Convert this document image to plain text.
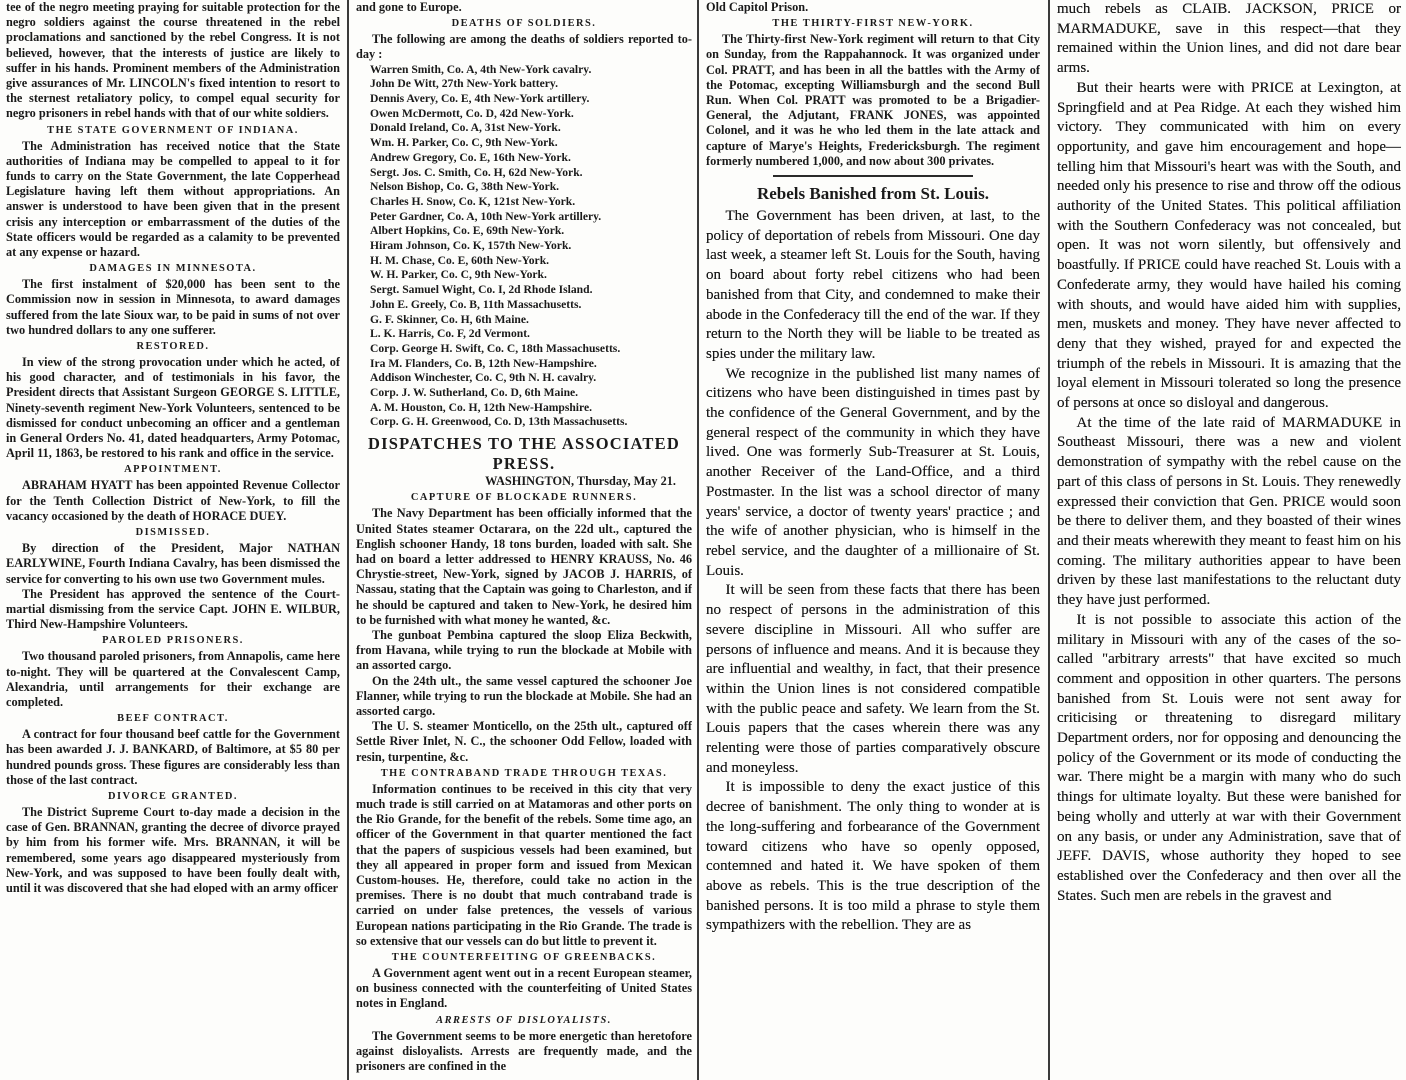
tee of the negro meeting praying for suitable protection for the negro soldiers against the course threatened in the rebel proclamations and sanctioned by the rebel Congress. It is not believed, however, that the interests of justice are likely to suffer in his hands. Prominent members of the Administration give assurances of Mr. LINCOLN's fixed intention to resort to the sternest retaliatory policy, to compel equal security for negro prisoners in rebel hands with that of our white soldiers.

THE STATE GOVERNMENT OF INDIANA.

The Administration has received notice that the State authorities of Indiana may be compelled to appeal to it for funds to carry on the State Government, the late Copperhead Legislature having left them without appropriations. An answer is understood to have been given that in the present crisis any interception or embarrassment of the duties of the State officers would be regarded as a calamity to be prevented at any expense or hazard.

DAMAGES IN MINNESOTA.

The first instalment of $20,000 has been sent to the Commission now in session in Minnesota, to award damages suffered from the late Sioux war, to be paid in sums of not over two hundred dollars to any one sufferer.

RESTORED.

In view of the strong provocation under which he acted, of his good character, and of testimonials in his favor, the President directs that Assistant Surgeon GEORGE S. LITTLE, Ninety-seventh regiment New-York Volunteers, sentenced to be dismissed for conduct unbecoming an officer and a gentleman in General Orders No. 41, dated headquarters, Army Potomac, April 11, 1863, be restored to his rank and office in the service.

APPOINTMENT.

ABRAHAM HYATT has been appointed Revenue Collector for the Tenth Collection District of New-York, to fill the vacancy occasioned by the death of HORACE DUEY.

DISMISSED.

By direction of the President, Major NATHAN EARLYWINE, Fourth Indiana Cavalry, has been dismissed the service for converting to his own use two Government mules.

The President has approved the sentence of the Court-martial dismissing from the service Capt. JOHN E. WILBUR, Third New-Hampshire Volunteers.

PAROLED PRISONERS.

Two thousand paroled prisoners, from Annapolis, came here to-night. They will be quartered at the Convalescent Camp, Alexandria, until arrangements for their exchange are completed.

BEEF CONTRACT.

A contract for four thousand beef cattle for the Government has been awarded J. J. BANKARD, of Baltimore, at $5 80 per hundred pounds gross. These figures are considerably less than those of the last contract.

DIVORCE GRANTED.

The District Supreme Court to-day made a decision in the case of Gen. BRANNAN, granting the decree of divorce prayed by him from his former wife. Mrs. BRANNAN, it will be remembered, some years ago disappeared mysteriously from New-York, and was supposed to have been foully dealt with, until it was discovered that she had eloped with an army officer

and gone to Europe.

DEATHS OF SOLDIERS.

The following are among the deaths of soldiers reported to-day :

Warren Smith, Co. A, 4th New-York cavalry.
John De Witt, 27th New-York battery.
Dennis Avery, Co. E, 4th New-York artillery.
Owen McDermott, Co. D, 42d New-York.
Donald Ireland, Co. A, 31st New-York.
Wm. H. Parker, Co. C, 9th New-York.
Andrew Gregory, Co. E, 16th New-York.
Sergt. Jos. C. Smith, Co. H, 62d New-York.
Nelson Bishop, Co. G, 38th New-York.
Charles H. Snow, Co. K, 121st New-York.
Peter Gardner, Co. A, 10th New-York artillery.
Albert Hopkins, Co. E, 69th New-York.
Hiram Johnson, Co. K, 157th New-York.
H. M. Chase, Co. E, 60th New-York.
W. H. Parker, Co. C, 9th New-York.
Sergt. Samuel Wight, Co. I, 2d Rhode Island.
John E. Greely, Co. B, 11th Massachusetts.
G. F. Skinner, Co. H, 6th Maine.
L. K. Harris, Co. F, 2d Vermont.
Corp. George H. Swift, Co. C, 18th Massachusetts.
Ira M. Flanders, Co. B, 12th New-Hampshire.
Addison Winchester, Co. C, 9th N. H. cavalry.
Corp. J. W. Sutherland, Co. D, 6th Maine.
A. M. Houston, Co. H, 12th New-Hampshire.
Corp. G. H. Greenwood, Co. D, 13th Massachusetts.
DISPATCHES TO THE ASSOCIATED PRESS.
WASHINGTON, Thursday, May 21.
CAPTURE OF BLOCKADE RUNNERS.

The Navy Department has been officially informed that the United States steamer Octarara, on the 22d ult., captured the English schooner Handy, 18 tons burden, loaded with salt. She had on board a letter addressed to HENRY KRAUSS, No. 46 Chrystie-street, New-York, signed by JACOB J. HARRIS, of Nassau, stating that the Captain was going to Charleston, and if he should be captured and taken to New-York, he desired him to be furnished with what money he wanted, &c.

The gunboat Pembina captured the sloop Eliza Beckwith, from Havana, while trying to run the blockade at Mobile with an assorted cargo.

On the 24th ult., the same vessel captured the schooner Joe Flanner, while trying to run the blockade at Mobile. She had an assorted cargo.

The U. S. steamer Monticello, on the 25th ult., captured off Settle River Inlet, N. C., the schooner Odd Fellow, loaded with resin, turpentine, &c.

THE CONTRABAND TRADE THROUGH TEXAS.

Information continues to be received in this city that very much trade is still carried on at Matamoras and other ports on the Rio Grande, for the benefit of the rebels. Some time ago, an officer of the Government in that quarter mentioned the fact that the papers of suspicious vessels had been examined, but they all appeared in proper form and issued from Mexican Custom-houses. He, therefore, could take no action in the premises. There is no doubt that much contraband trade is carried on under false pretences, the vessels of various European nations participating in the Rio Grande. The trade is so extensive that our vessels can do but little to prevent it.

THE COUNTERFEITING OF GREENBACKS.

A Government agent went out in a recent European steamer, on business connected with the counterfeiting of United States notes in England.

ARRESTS OF DISLOYALISTS.

The Government seems to be more energetic than heretofore against disloyalists. Arrests are frequently made, and the prisoners are confined in the

Old Capitol Prison.

THE THIRTY-FIRST NEW-YORK.

The Thirty-first New-York regiment will return to that City on Sunday, from the Rappahannock. It was organized under Col. PRATT, and has been in all the battles with the Army of the Potomac, excepting Williamsburgh and the second Bull Run. When Col. PRATT was promoted to be a Brigadier-General, the Adjutant, FRANK JONES, was appointed Colonel, and it was he who led them in the late attack and capture of Marye's Heights, Fredericksburgh. The regiment formerly numbered 1,000, and now about 300 privates.

Rebels Banished from St. Louis.

The Government has been driven, at last, to the policy of deportation of rebels from Missouri. One day last week, a steamer left St. Louis for the South, having on board about forty rebel citizens who had been banished from that City, and condemned to make their abode in the Confederacy till the end of the war. If they return to the North they will be liable to be treated as spies under the military law.

We recognize in the published list many names of citizens who have been distinguished in times past by the confidence of the General Government, and by the general respect of the community in which they have lived. One was formerly Sub-Treasurer at St. Louis, another Receiver of the Land-Office, and a third Postmaster. In the list was a school director of many years' service, a doctor of twenty years' practice ; and the wife of another physician, who is himself in the rebel service, and the daughter of a millionaire of St. Louis.

It will be seen from these facts that there has been no respect of persons in the administration of this severe discipline in Missouri. All who suffer are persons of influence and means. And it is because they are influential and wealthy, in fact, that their presence within the Union lines is not considered compatible with the public peace and safety. We learn from the St. Louis papers that the cases wherein there was any relenting were those of parties comparatively obscure and moneyless.

It is impossible to deny the exact justice of this decree of banishment. The only thing to wonder at is the long-suffering and forbearance of the Government toward citizens who have so openly opposed, contemned and hated it. We have spoken of them above as rebels. This is the true description of the banished persons. It is too mild a phrase to style them sympathizers with the rebellion. They are as

much rebels as CLAIB. JACKSON, PRICE or MARMADUKE, save in this respect—that they remained within the Union lines, and did not dare bear arms.

But their hearts were with PRICE at Lexington, at Springfield and at Pea Ridge. At each they wished him victory. They communicated with him on every opportunity, and gave him encouragement and hope—telling him that Missouri's heart was with the South, and needed only his presence to rise and throw off the odious authority of the United States. This political affiliation with the Southern Confederacy was not concealed, but open. It was not worn silently, but offensively and boastfully. If PRICE could have reached St. Louis with a Confederate army, they would have hailed his coming with shouts, and would have aided him with supplies, men, muskets and money. They have never affected to deny that they wished, prayed for and expected the triumph of the rebels in Missouri. It is amazing that the loyal element in Missouri tolerated so long the presence of persons at once so disloyal and dangerous.

At the time of the late raid of MARMADUKE in Southeast Missouri, there was a new and violent demonstration of sympathy with the rebel cause on the part of this class of persons in St. Louis. They renewedly expressed their conviction that Gen. PRICE would soon be there to deliver them, and they boasted of their wines and their meats wherewith they meant to feast him on his coming. The military authorities appear to have been driven by these last manifestations to the reluctant duty they have just performed.

It is not possible to associate this action of the military in Missouri with any of the cases of the so-called "arbitrary arrests" that have excited so much comment and opposition in other quarters. The persons banished from St. Louis were not sent away for criticising or threatening to disregard military Department orders, nor for opposing and denouncing the policy of the Government or its mode of conducting the war. There might be a margin with many who do such things for ultimate loyalty. But these were banished for being wholly and utterly at war with their Government on any basis, or under any Administration, save that of JEFF. DAVIS, whose authority they hoped to see established over the Confederacy and then over all the States. Such men are rebels in the gravest and
